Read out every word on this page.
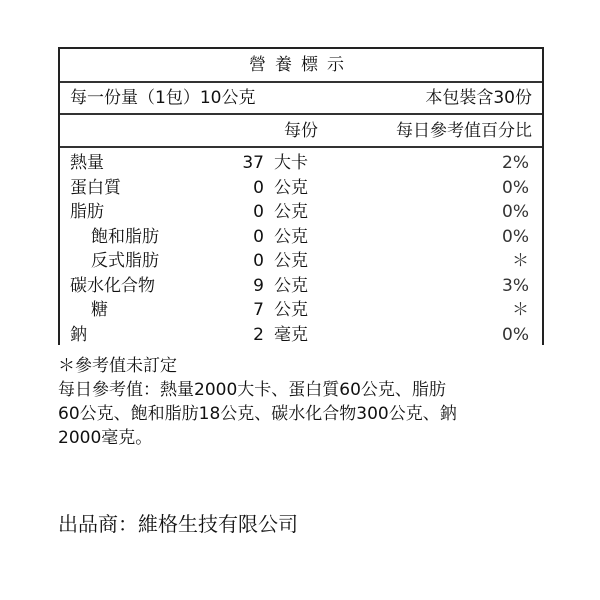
營養標示
每一份量（1包）10公克	本包裝含30份
每份	每日參考值百分比
熱量	37 大卡	2%
蛋白質	0 公克	0%
脂肪	0 公克	0%
飽和脂肪	0 公克	0%
反式脂肪	0 公克	＊
碳水化合物	9 公克	3%
糖	7 公克	＊
鈉	2 毫克	0%
＊參考值未訂定
每日參考值：熱量2000大卡、蛋白質60公克、脂肪
60公克、飽和脂肪18公克、碳水化合物300公克、鈉
2000毫克。
出品商：維格生技有限公司
